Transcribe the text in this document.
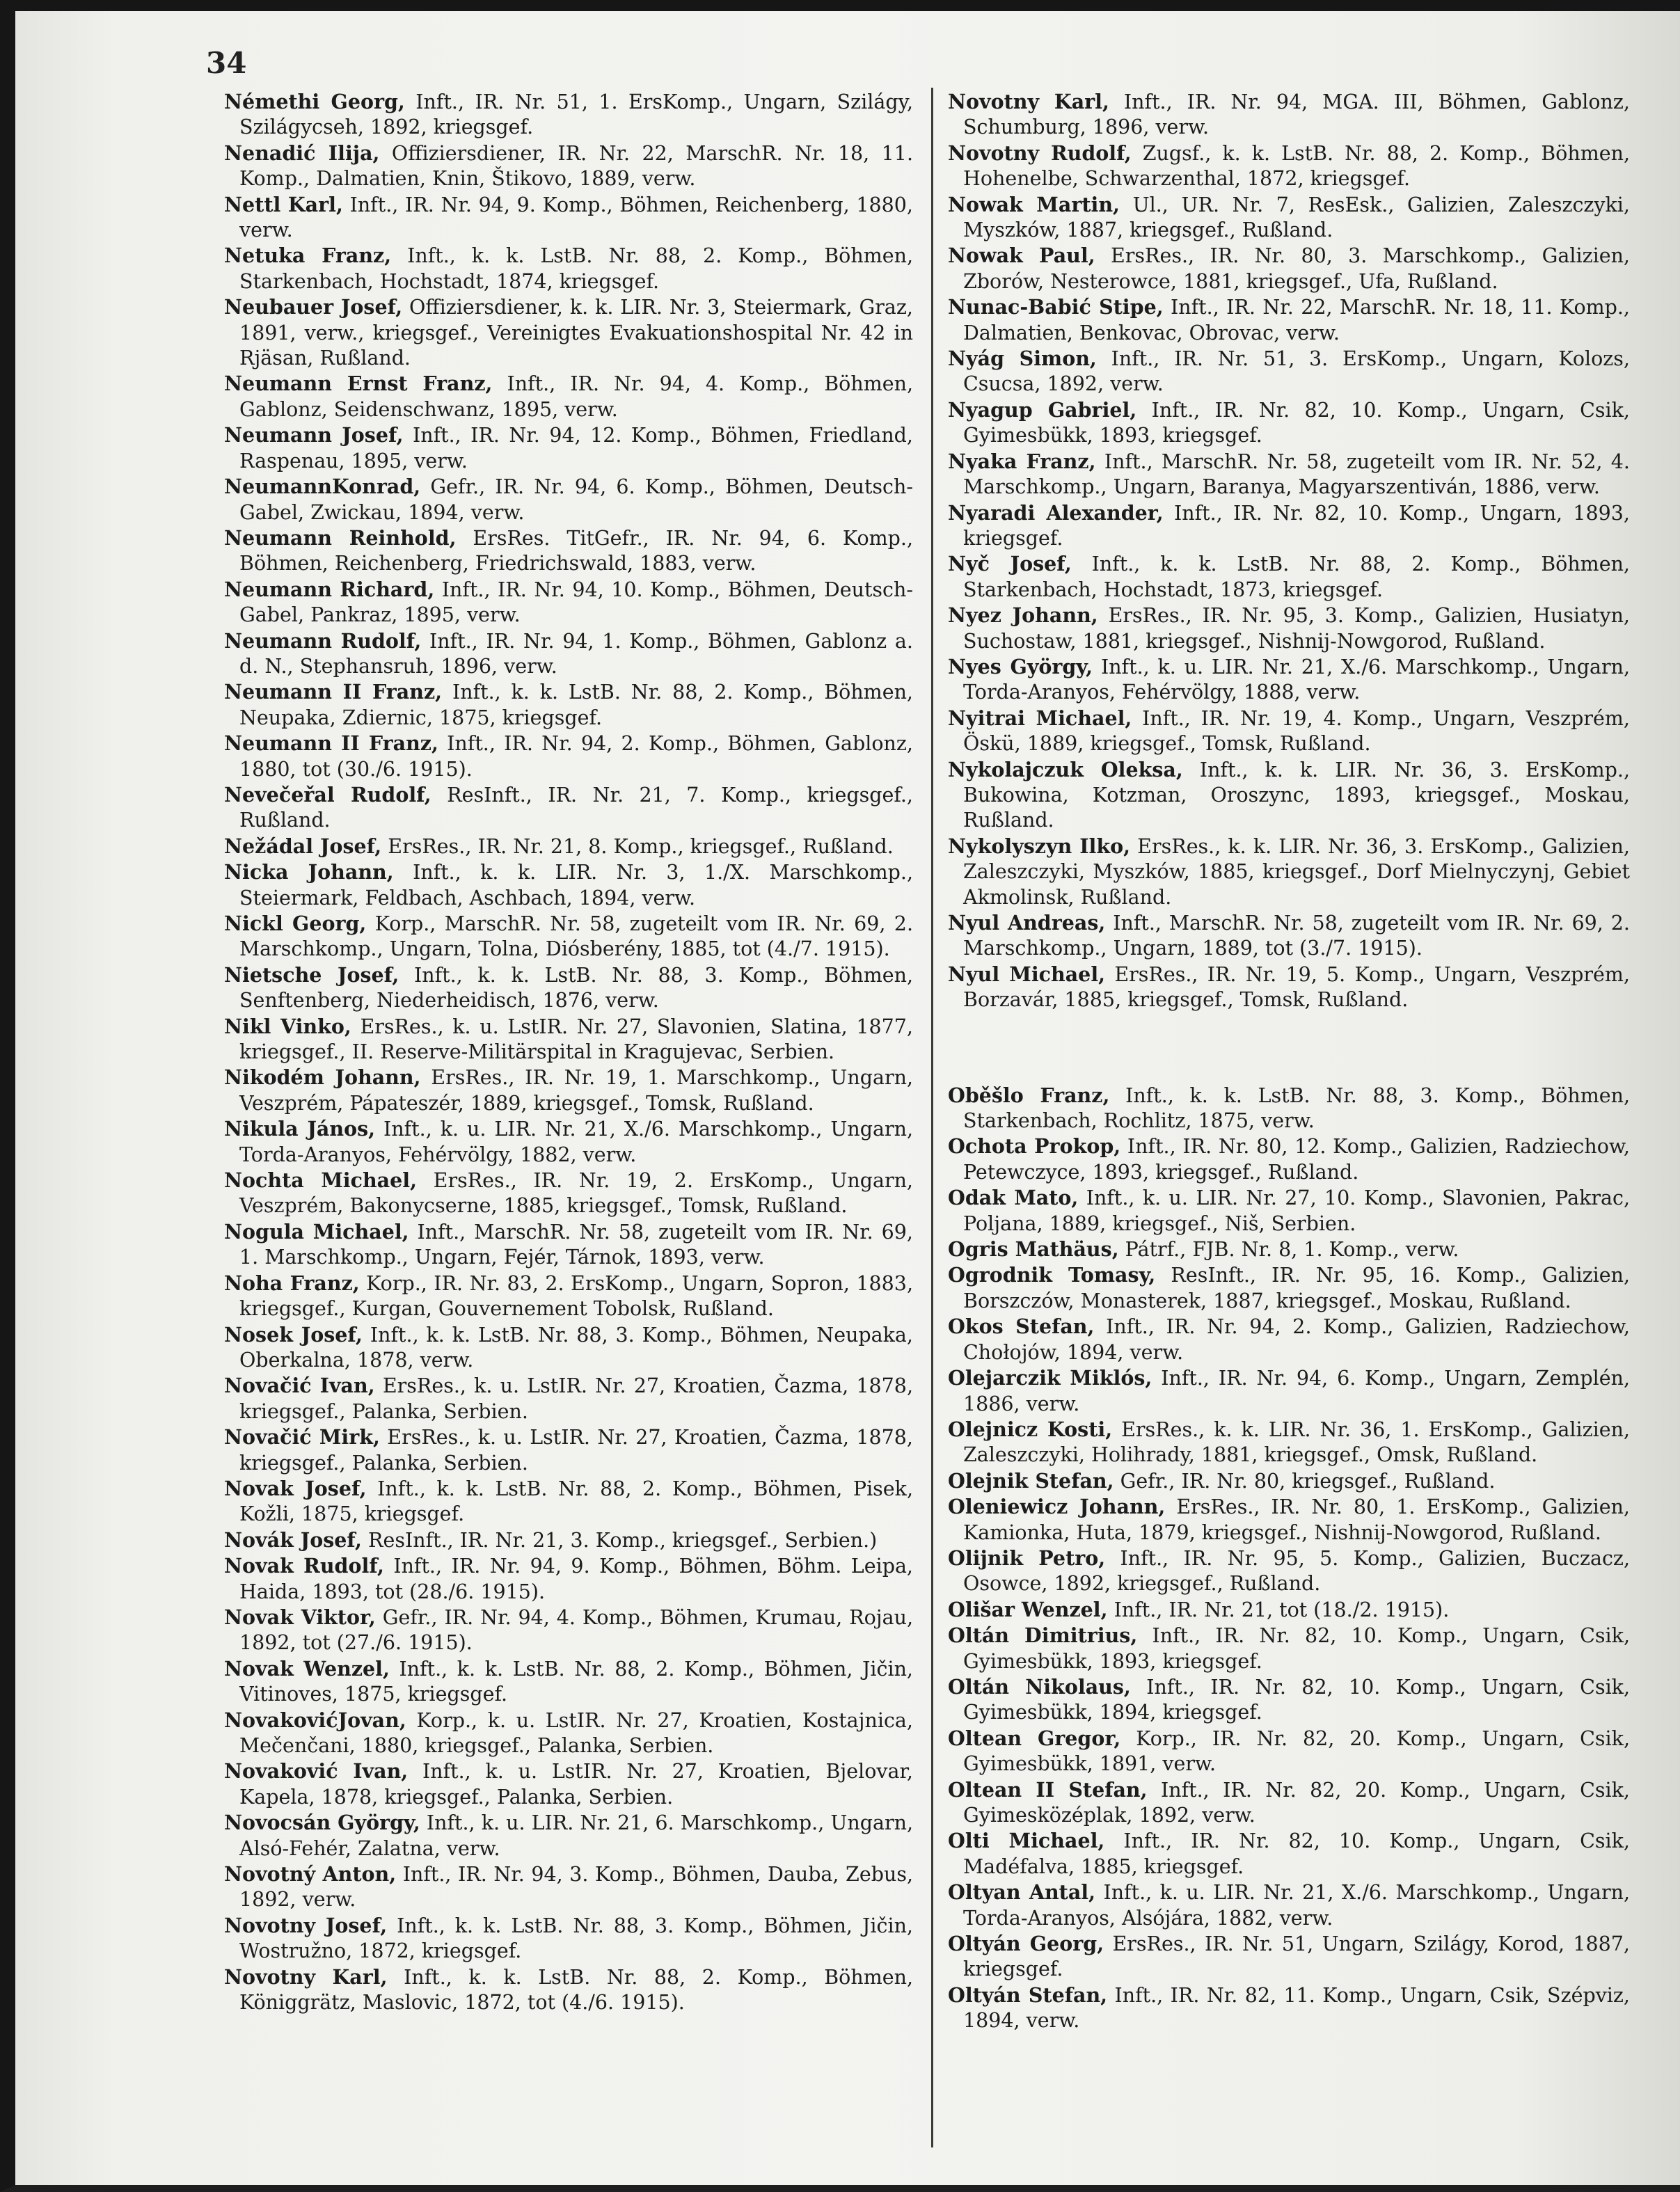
34

Némethi Georg, Inft., IR. Nr. 51, 1. ErsKomp., Ungarn, Szilágy, Szilágycseh, 1892, kriegsgef.

Nenadić Ilija, Offiziersdiener, IR. Nr. 22, MarschR. Nr. 18, 11. Komp., Dalmatien, Knin, Štikovo, 1889, verw.

Nettl Karl, Inft., IR. Nr. 94, 9. Komp., Böhmen, Reichenberg, 1880, verw.

Netuka Franz, Inft., k. k. LstB. Nr. 88, 2. Komp., Böhmen, Starkenbach, Hochstadt, 1874, kriegsgef.

Neubauer Josef, Offiziersdiener, k. k. LIR. Nr. 3, Steiermark, Graz, 1891, verw., kriegsgef., Vereinigtes Evakuationshospital Nr. 42 in Rjäsan, Rußland.

Neumann Ernst Franz, Inft., IR. Nr. 94, 4. Komp., Böhmen, Gablonz, Seidenschwanz, 1895, verw.

Neumann Josef, Inft., IR. Nr. 94, 12. Komp., Böhmen, Friedland, Raspenau, 1895, verw.

NeumannKonrad, Gefr., IR. Nr. 94, 6. Komp., Böhmen, Deutsch-Gabel, Zwickau, 1894, verw.

Neumann Reinhold, ErsRes. TitGefr., IR. Nr. 94, 6. Komp., Böhmen, Reichenberg, Friedrichswald, 1883, verw.

Neumann Richard, Inft., IR. Nr. 94, 10. Komp., Böhmen, Deutsch-Gabel, Pankraz, 1895, verw.

Neumann Rudolf, Inft., IR. Nr. 94, 1. Komp., Böhmen, Gablonz a. d. N., Stephansruh, 1896, verw.

Neumann II Franz, Inft., k. k. LstB. Nr. 88, 2. Komp., Böhmen, Neupaka, Zdiernic, 1875, kriegsgef.

Neumann II Franz, Inft., IR. Nr. 94, 2. Komp., Böhmen, Gablonz, 1880, tot (30./6. 1915).

Nevečeřal Rudolf, ResInft., IR. Nr. 21, 7. Komp., kriegsgef., Rußland.

Nežádal Josef, ErsRes., IR. Nr. 21, 8. Komp., kriegsgef., Rußland.

Nicka Johann, Inft., k. k. LIR. Nr. 3, 1./X. Marschkomp., Steiermark, Feldbach, Aschbach, 1894, verw.

Nickl Georg, Korp., MarschR. Nr. 58, zugeteilt vom IR. Nr. 69, 2. Marschkomp., Ungarn, Tolna, Diósberény, 1885, tot (4./7. 1915).

Nietsche Josef, Inft., k. k. LstB. Nr. 88, 3. Komp., Böhmen, Senftenberg, Niederheidisch, 1876, verw.

Nikl Vinko, ErsRes., k. u. LstIR. Nr. 27, Slavonien, Slatina, 1877, kriegsgef., II. Reserve-Militärspital in Kragujevac, Serbien.

Nikodém Johann, ErsRes., IR. Nr. 19, 1. Marschkomp., Ungarn, Veszprém, Pápateszér, 1889, kriegsgef., Tomsk, Rußland.

Nikula János, Inft., k. u. LIR. Nr. 21, X./6. Marschkomp., Ungarn, Torda-Aranyos, Fehérvölgy, 1882, verw.

Nochta Michael, ErsRes., IR. Nr. 19, 2. ErsKomp., Ungarn, Veszprém, Bakonycserne, 1885, kriegsgef., Tomsk, Rußland.

Nogula Michael, Inft., MarschR. Nr. 58, zugeteilt vom IR. Nr. 69, 1. Marschkomp., Ungarn, Fejér, Tárnok, 1893, verw.

Noha Franz, Korp., IR. Nr. 83, 2. ErsKomp., Ungarn, Sopron, 1883, kriegsgef., Kurgan, Gouvernement Tobolsk, Rußland.

Nosek Josef, Inft., k. k. LstB. Nr. 88, 3. Komp., Böhmen, Neupaka, Oberkalna, 1878, verw.

Novačić Ivan, ErsRes., k. u. LstIR. Nr. 27, Kroatien, Čazma, 1878, kriegsgef., Palanka, Serbien.

Novačić Mirk, ErsRes., k. u. LstIR. Nr. 27, Kroatien, Čazma, 1878, kriegsgef., Palanka, Serbien.

Novak Josef, Inft., k. k. LstB. Nr. 88, 2. Komp., Böhmen, Pisek, Kožli, 1875, kriegsgef.

Novák Josef, ResInft., IR. Nr. 21, 3. Komp., kriegsgef., Serbien.)

Novak Rudolf, Inft., IR. Nr. 94, 9. Komp., Böhmen, Böhm. Leipa, Haida, 1893, tot (28./6. 1915).

Novak Viktor, Gefr., IR. Nr. 94, 4. Komp., Böhmen, Krumau, Rojau, 1892, tot (27./6. 1915).

Novak Wenzel, Inft., k. k. LstB. Nr. 88, 2. Komp., Böhmen, Jičin, Vitinoves, 1875, kriegsgef.

NovakovićJovan, Korp., k. u. LstIR. Nr. 27, Kroatien, Kostajnica, Mečenčani, 1880, kriegsgef., Palanka, Serbien.

Novaković Ivan, Inft., k. u. LstIR. Nr. 27, Kroatien, Bjelovar, Kapela, 1878, kriegsgef., Palanka, Serbien.

Novocsán György, Inft., k. u. LIR. Nr. 21, 6. Marschkomp., Ungarn, Alsó-Fehér, Zalatna, verw.

Novotný Anton, Inft., IR. Nr. 94, 3. Komp., Böhmen, Dauba, Zebus, 1892, verw.

Novotny Josef, Inft., k. k. LstB. Nr. 88, 3. Komp., Böhmen, Jičin, Wostružno, 1872, kriegsgef.

Novotny Karl, Inft., k. k. LstB. Nr. 88, 2. Komp., Böhmen, Königgrätz, Maslovic, 1872, tot (4./6. 1915).

Novotny Karl, Inft., IR. Nr. 94, MGA. III, Böhmen, Gablonz, Schumburg, 1896, verw.

Novotny Rudolf, Zugsf., k. k. LstB. Nr. 88, 2. Komp., Böhmen, Hohenelbe, Schwarzenthal, 1872, kriegsgef.

Nowak Martin, Ul., UR. Nr. 7, ResEsk., Galizien, Zaleszczyki, Myszków, 1887, kriegsgef., Rußland.

Nowak Paul, ErsRes., IR. Nr. 80, 3. Marschkomp., Galizien, Zborów, Nesterowce, 1881, kriegsgef., Ufa, Rußland.

Nunac-Babić Stipe, Inft., IR. Nr. 22, MarschR. Nr. 18, 11. Komp., Dalmatien, Benkovac, Obrovac, verw.

Nyág Simon, Inft., IR. Nr. 51, 3. ErsKomp., Ungarn, Kolozs, Csucsa, 1892, verw.

Nyagup Gabriel, Inft., IR. Nr. 82, 10. Komp., Ungarn, Csik, Gyimesbükk, 1893, kriegsgef.

Nyaka Franz, Inft., MarschR. Nr. 58, zugeteilt vom IR. Nr. 52, 4. Marschkomp., Ungarn, Baranya, Magyarszentiván, 1886, verw.

Nyaradi Alexander, Inft., IR. Nr. 82, 10. Komp., Ungarn, 1893, kriegsgef.

Nyč Josef, Inft., k. k. LstB. Nr. 88, 2. Komp., Böhmen, Starkenbach, Hochstadt, 1873, kriegsgef.

Nyez Johann, ErsRes., IR. Nr. 95, 3. Komp., Galizien, Husiatyn, Suchostaw, 1881, kriegsgef., Nishnij-Nowgorod, Rußland.

Nyes György, Inft., k. u. LIR. Nr. 21, X./6. Marschkomp., Ungarn, Torda-Aranyos, Fehérvölgy, 1888, verw.

Nyitrai Michael, Inft., IR. Nr. 19, 4. Komp., Ungarn, Veszprém, Öskü, 1889, kriegsgef., Tomsk, Rußland.

Nykolajczuk Oleksa, Inft., k. k. LIR. Nr. 36, 3. ErsKomp., Bukowina, Kotzman, Oroszync, 1893, kriegsgef., Moskau, Rußland.

Nykolyszyn Ilko, ErsRes., k. k. LIR. Nr. 36, 3. ErsKomp., Galizien, Zaleszczyki, Myszków, 1885, kriegsgef., Dorf Mielnyczynj, Gebiet Akmolinsk, Rußland.

Nyul Andreas, Inft., MarschR. Nr. 58, zugeteilt vom IR. Nr. 69, 2. Marschkomp., Ungarn, 1889, tot (3./7. 1915).

Nyul Michael, ErsRes., IR. Nr. 19, 5. Komp., Ungarn, Veszprém, Borzavár, 1885, kriegsgef., Tomsk, Rußland.

Oběšlo Franz, Inft., k. k. LstB. Nr. 88, 3. Komp., Böhmen, Starkenbach, Rochlitz, 1875, verw.

Ochota Prokop, Inft., IR. Nr. 80, 12. Komp., Galizien, Radziechow, Petewczyce, 1893, kriegsgef., Rußland.

Odak Mato, Inft., k. u. LIR. Nr. 27, 10. Komp., Slavonien, Pakrac, Poljana, 1889, kriegsgef., Niš, Serbien.

Ogris Mathäus, Pátrf., FJB. Nr. 8, 1. Komp., verw.

Ogrodnik Tomasy, ResInft., IR. Nr. 95, 16. Komp., Galizien, Borszczów, Monasterek, 1887, kriegsgef., Moskau, Rußland.

Okos Stefan, Inft., IR. Nr. 94, 2. Komp., Galizien, Radziechow, Chołojów, 1894, verw.

Olejarczik Miklós, Inft., IR. Nr. 94, 6. Komp., Ungarn, Zemplén, 1886, verw.

Olejnicz Kosti, ErsRes., k. k. LIR. Nr. 36, 1. ErsKomp., Galizien, Zaleszczyki, Holihrady, 1881, kriegsgef., Omsk, Rußland.

Olejnik Stefan, Gefr., IR. Nr. 80, kriegsgef., Rußland.

Oleniewicz Johann, ErsRes., IR. Nr. 80, 1. ErsKomp., Galizien, Kamionka, Huta, 1879, kriegsgef., Nishnij-Nowgorod, Rußland.

Olijnik Petro, Inft., IR. Nr. 95, 5. Komp., Galizien, Buczacz, Osowce, 1892, kriegsgef., Rußland.

Olišar Wenzel, Inft., IR. Nr. 21, tot (18./2. 1915).

Oltán Dimitrius, Inft., IR. Nr. 82, 10. Komp., Ungarn, Csik, Gyimesbükk, 1893, kriegsgef.

Oltán Nikolaus, Inft., IR. Nr. 82, 10. Komp., Ungarn, Csik, Gyimesbükk, 1894, kriegsgef.

Oltean Gregor, Korp., IR. Nr. 82, 20. Komp., Ungarn, Csik, Gyimesbükk, 1891, verw.

Oltean II Stefan, Inft., IR. Nr. 82, 20. Komp., Ungarn, Csik, Gyimesközéplak, 1892, verw.

Olti Michael, Inft., IR. Nr. 82, 10. Komp., Ungarn, Csik, Madéfalva, 1885, kriegsgef.

Oltyan Antal, Inft., k. u. LIR. Nr. 21, X./6. Marschkomp., Ungarn, Torda-Aranyos, Alsójára, 1882, verw.

Oltyán Georg, ErsRes., IR. Nr. 51, Ungarn, Szilágy, Korod, 1887, kriegsgef.

Oltyán Stefan, Inft., IR. Nr. 82, 11. Komp., Ungarn, Csik, Szépviz, 1894, verw.
